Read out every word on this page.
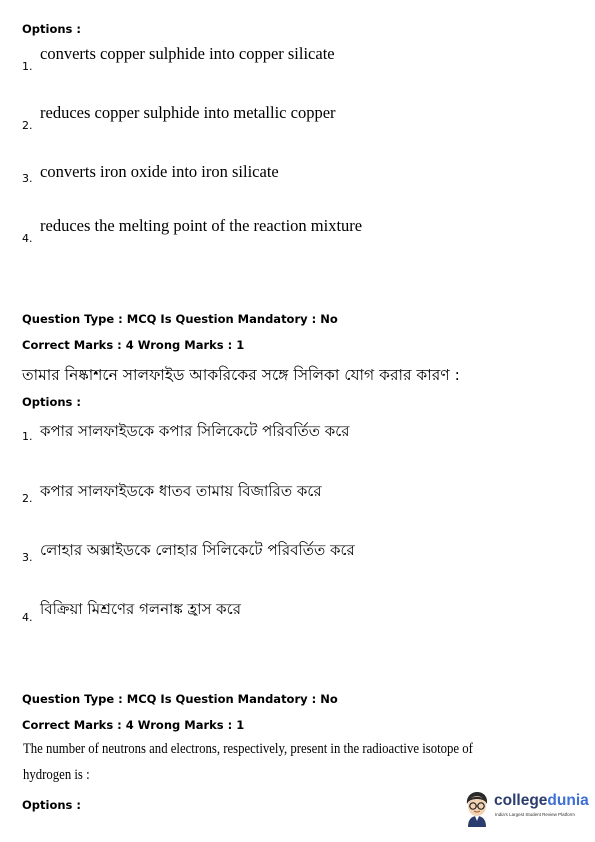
Options :
converts copper sulphide into copper silicate
1.
reduces copper sulphide into metallic copper
2.
converts iron oxide into iron silicate
3.
reduces the melting point of the reaction mixture
4.
Question Type : MCQ Is Question Mandatory : No
Correct Marks : 4 Wrong Marks : 1
তামার নিষ্কাশনে সালফাইড আকরিকের সঙ্গে সিলিকা যোগ করার কারণ :
Options :
কপার সালফাইডকে কপার সিলিকেটে পরিবর্তিত করে
1.
কপার সালফাইডকে ধাতব তামায় বিজারিত করে
2.
লোহার অক্সাইডকে লোহার সিলিকেটে পরিবর্তিত করে
3.
বিক্রিয়া মিশ্রণের গলনাঙ্ক হ্রাস করে
4.
Question Type : MCQ Is Question Mandatory : No
Correct Marks : 4 Wrong Marks : 1
The number of neutrons and electrons, respectively, present in the radioactive isotope of
hydrogen is :
Options :	collegedunia
India's Largest Student Review Platform
